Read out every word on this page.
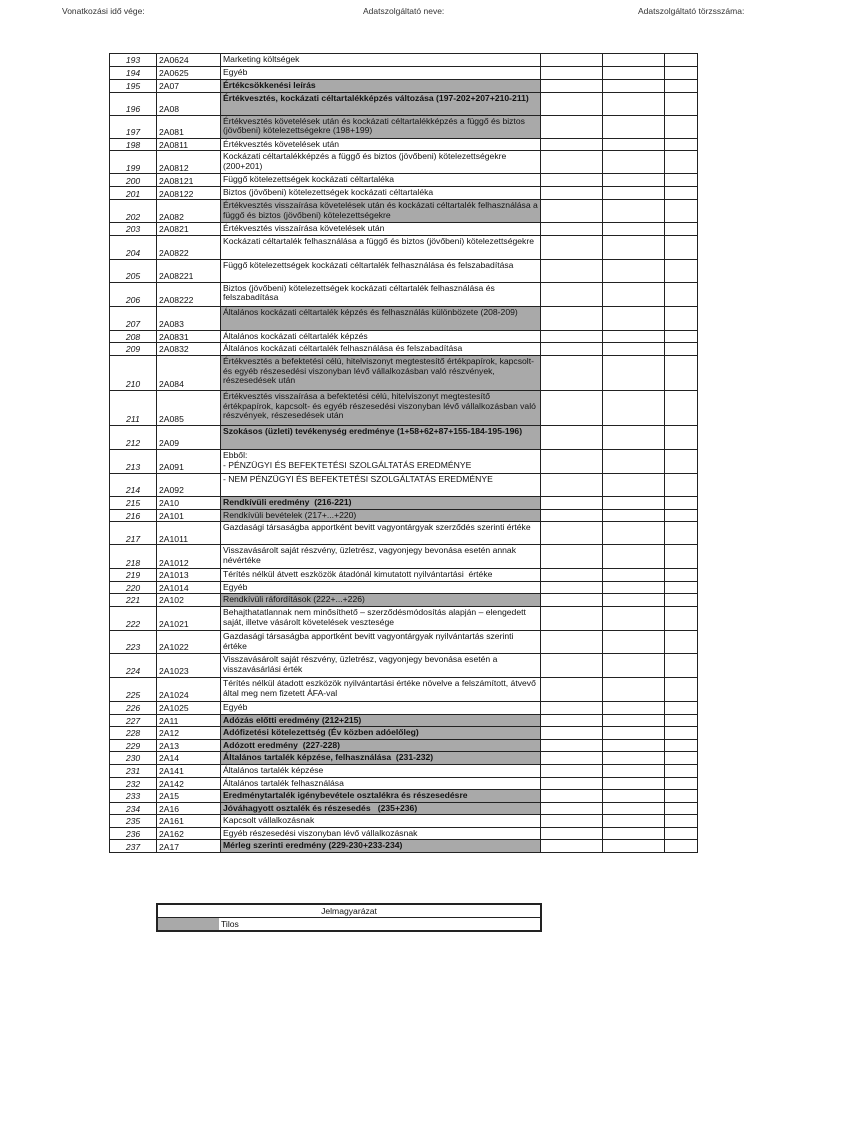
Vonatkozási idő vége:	Adatszolgáltató neve:	Adatszolgáltató törzsszáma:
193	2A0624	Marketing költségek			
194	2A0625	Egyéb			
195	2A07	Értékcsökkenési leírás			
196	2A08	Értékvesztés, kockázati céltartalékképzés változása (197-202+207+210-211)			
197	2A081	Értékvesztés követelések után és kockázati céltartalékképzés a függő és biztos (jövőbeni) kötelezettségekre (198+199)			
198	2A0811	Értékvesztés követelések után			
199	2A0812	Kockázati céltartalékképzés a függő és biztos (jövőbeni) kötelezettségekre (200+201)			
200	2A08121	Függő kötelezettségek kockázati céltartaléka			
201	2A08122	Biztos (jövőbeni) kötelezettségek kockázati céltartaléka			
202	2A082	Értékvesztés visszaírása követelések után és kockázati céltartalék felhasználása a függő és biztos (jövőbeni) kötelezettségekre			
203	2A0821	Értékvesztés visszaírása követelések után			
204	2A0822	Kockázati céltartalék felhasználása a függő és biztos (jövőbeni) kötelezettségekre			
205	2A08221	Függő kötelezettségek kockázati céltartalék felhasználása és felszabadítása			
206	2A08222	Biztos (jövőbeni) kötelezettségek kockázati céltartalék felhasználása és felszabadítása			
207	2A083	Általános kockázati céltartalék képzés és felhasználás különbözete (208-209)			
208	2A0831	Általános kockázati céltartalék képzés			
209	2A0832	Általános kockázati céltartalék felhasználása és felszabadítása			
210	2A084	Értékvesztés a befektetési célú, hitelviszonyt megtestesítő értékpapírok, kapcsolt- és egyéb részesedési viszonyban lévő vállalkozásban való részvények, részesedések után			
211	2A085	Értékvesztés visszaírása a befektetési célú, hitelviszonyt megtestesítő értékpapírok, kapcsolt- és egyéb részesedési viszonyban lévő vállalkozásban való részvények, részesedések után			
212	2A09	Szokásos (üzleti) tevékenység eredménye (1+58+62+87+155-184-195-196)			
213	2A091	Ebből:
- PÉNZÜGYI ÉS BEFEKTETÉSI SZOLGÁLTATÁS EREDMÉNYE			
214	2A092	- NEM PÉNZÜGYI ÉS BEFEKTETÉSI SZOLGÁLTATÁS EREDMÉNYE			
215	2A10	Rendkívüli eredmény  (216-221)			
216	2A101	Rendkívüli bevételek (217+...+220)			
217	2A1011	Gazdasági társaságba apportként bevitt vagyontárgyak szerződés szerinti értéke			
218	2A1012	Visszavásárolt saját részvény, üzletrész, vagyonjegy bevonása esetén annak névértéke			
219	2A1013	Térítés nélkül átvett eszközök átadónál kimutatott nyilvántartási  értéke			
220	2A1014	Egyéb			
221	2A102	Rendkívüli ráfordítások (222+...+226)			
222	2A1021	Behajthatatlannak nem minősíthető – szerződésmódosítás alapján – elengedett saját, illetve vásárolt követelések vesztesége			
223	2A1022	Gazdasági társaságba apportként bevitt vagyontárgyak nyilvántartás szerinti értéke			
224	2A1023	Visszavásárolt saját részvény, üzletrész, vagyonjegy bevonása esetén a visszavásárlási érték			
225	2A1024	Térítés nélkül átadott eszközök nyilvántartási értéke növelve a felszámított, átvevő által meg nem fizetett ÁFA-val			
226	2A1025	Egyéb			
227	2A11	Adózás előtti eredmény (212+215)			
228	2A12	Adófizetési kötelezettség (Év közben adóelőleg)			
229	2A13	Adózott eredmény  (227-228)			
230	2A14	Általános tartalék képzése, felhasználása  (231-232)			
231	2A141	Általános tartalék képzése			
232	2A142	Általános tartalék felhasználása			
233	2A15	Eredménytartalék igénybevétele osztalékra és részesedésre			
234	2A16	Jóváhagyott osztalék és részesedés   (235+236)			
235	2A161	Kapcsolt vállalkozásnak			
236	2A162	Egyéb részesedési viszonyban lévő vállalkozásnak			
237	2A17	Mérleg szerinti eredmény (229-230+233-234)			
Jelmagyarázat
	Tilos
